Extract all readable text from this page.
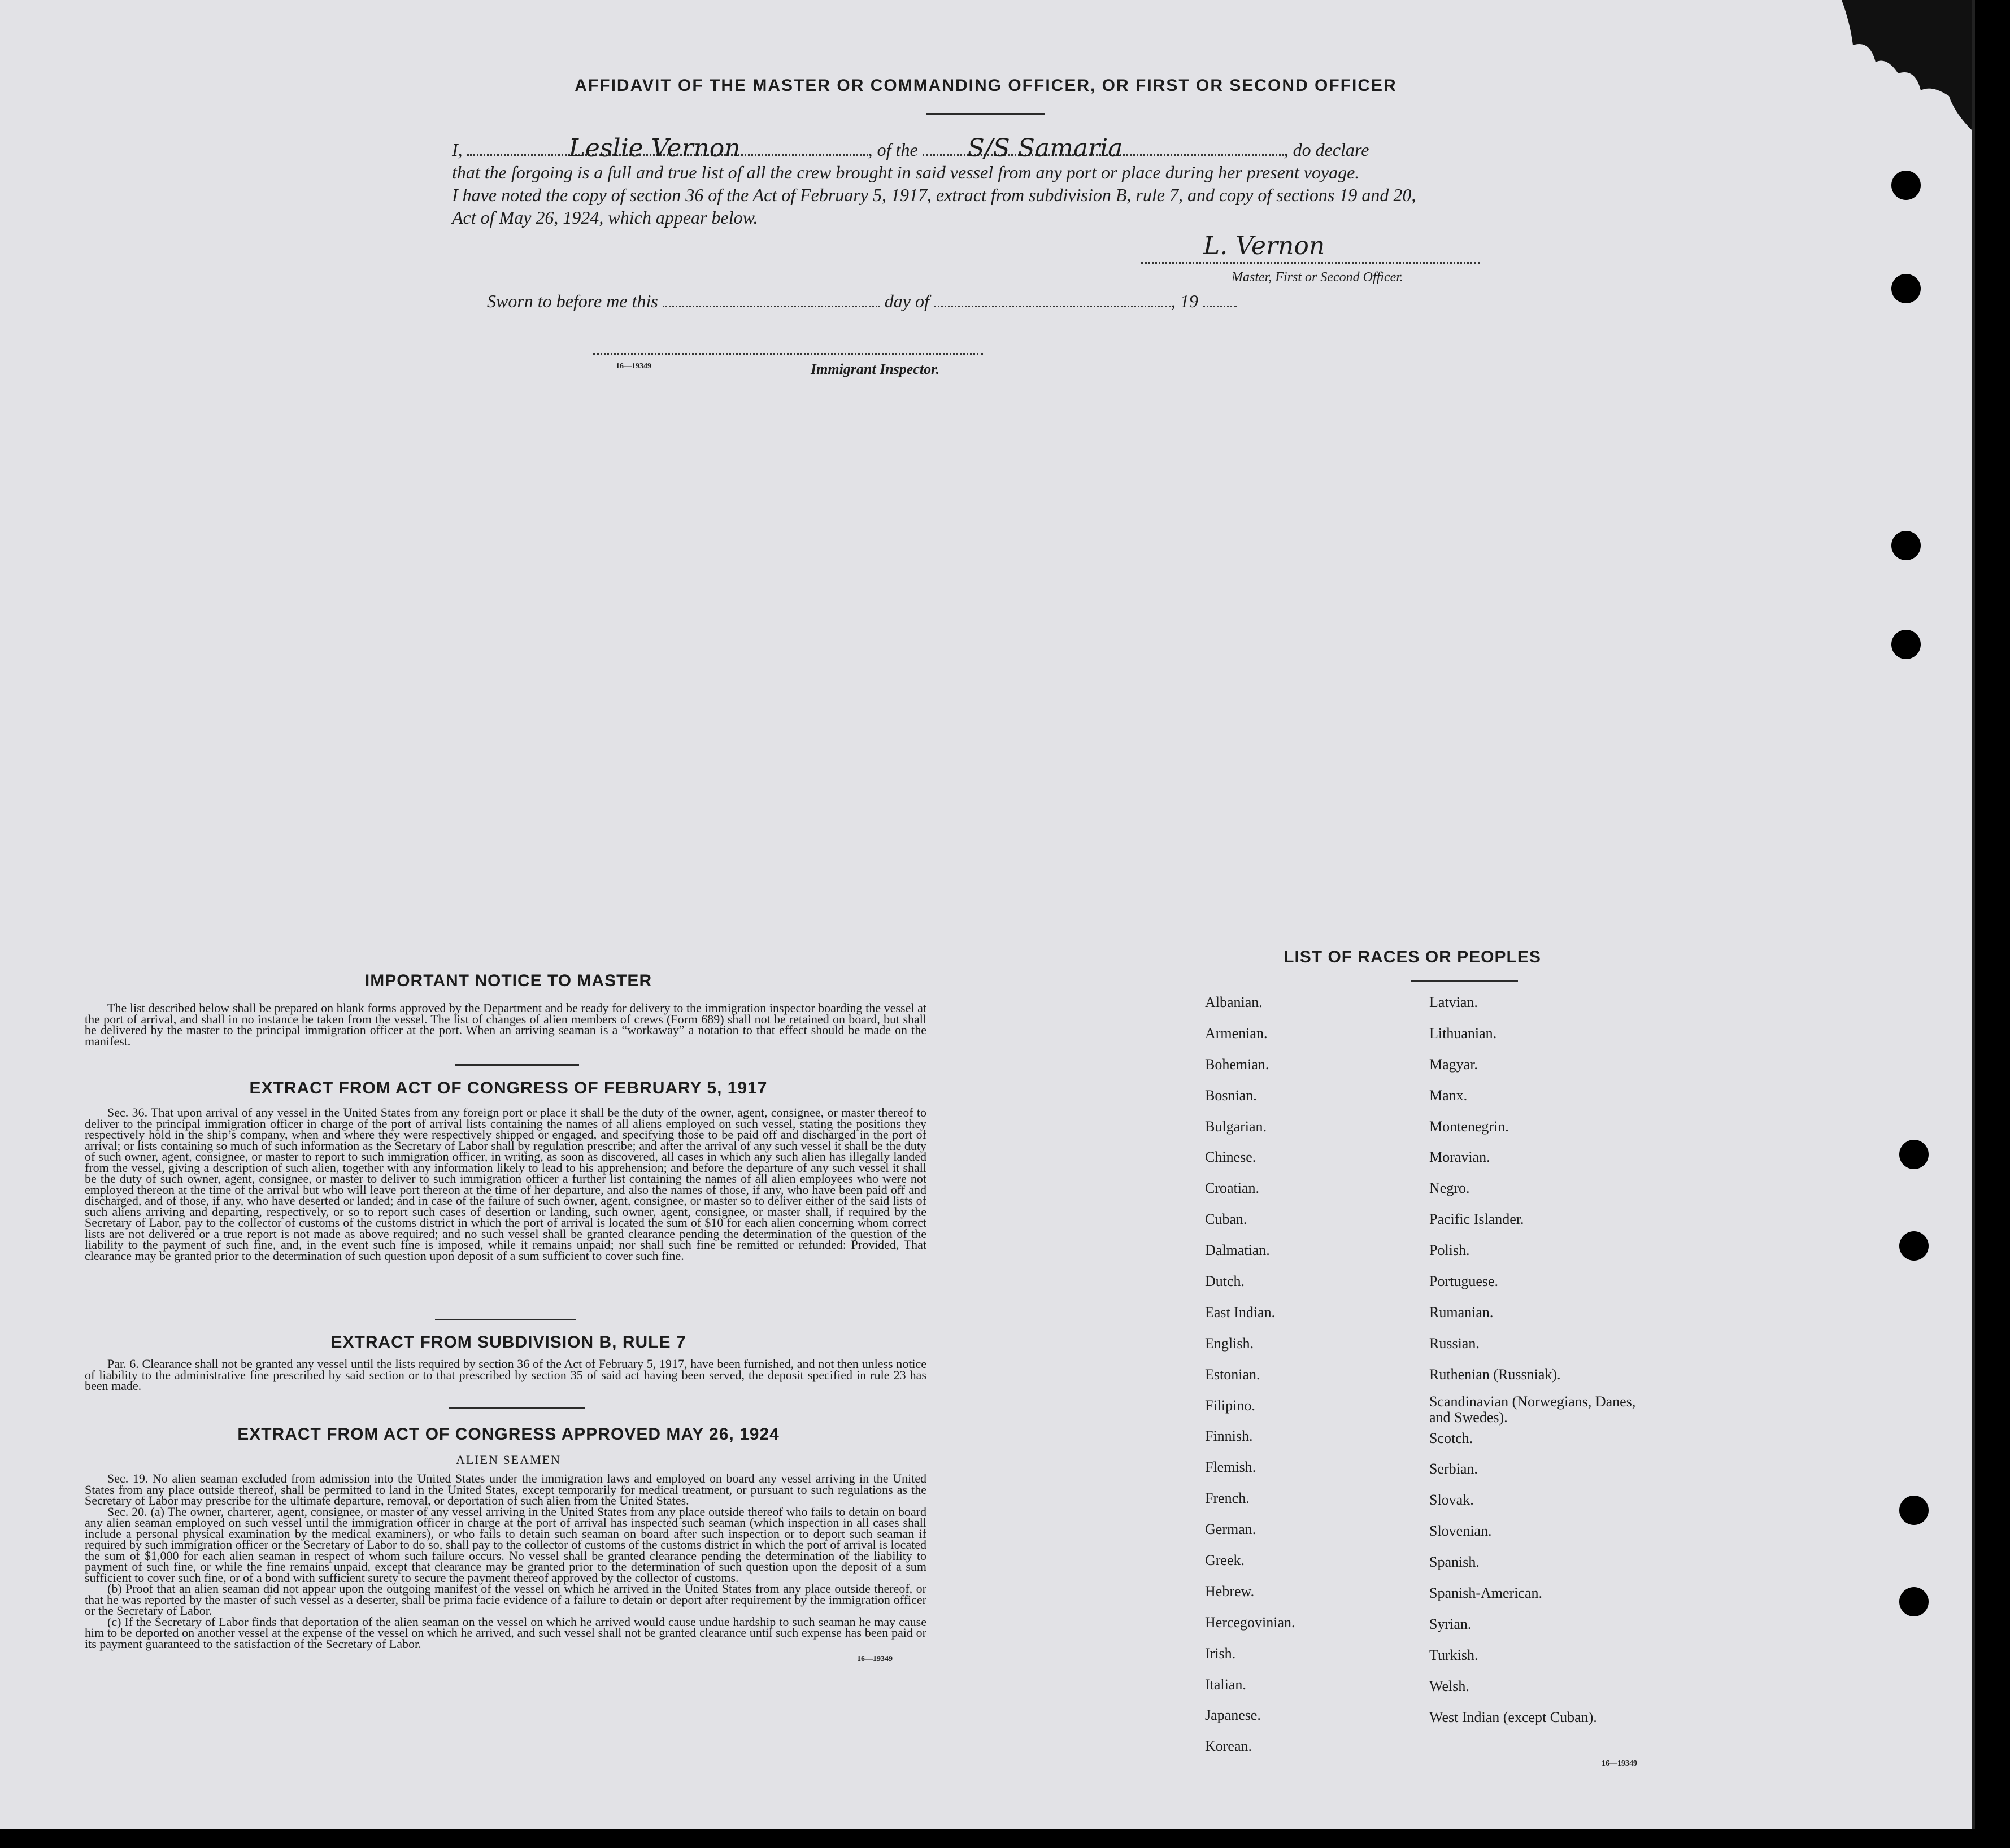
AFFIDAVIT OF THE MASTER OR COMMANDING OFFICER, OR FIRST OR SECOND OFFICER
I,	Leslie Vernon	, of the S/S Samaria	, do declare
that the forgoing is a full and true list of all the crew brought in said vessel from any port or place during her present voyage.
I have noted the copy of section 36 of the Act of February 5, 1917, extract from subdivision B, rule 7, and copy of sections 19 and 20,
Act of May 26, 1924, which appear below.
L. Vernon
Master, First or Second Officer.
Sworn to before me this	day of	, 19
16—19349	Immigrant Inspector.
IMPORTANT NOTICE TO MASTER

The list described below shall be prepared on blank forms approved by the Department and be ready for delivery to the immigration inspector boarding the vessel at the port of arrival, and shall in no instance be taken from the vessel. The list of changes of alien members of crews (Form 689) shall not be retained on board, but shall be delivered by the master to the principal immigration officer at the port. When an arriving seaman is a “workaway” a notation to that effect should be made on the manifest.

EXTRACT FROM ACT OF CONGRESS OF FEBRUARY 5, 1917

Sec. 36. That upon arrival of any vessel in the United States from any foreign port or place it shall be the duty of the owner, agent, consignee, or master thereof to deliver to the principal immigration officer in charge of the port of arrival lists containing the names of all aliens employed on such vessel, stating the positions they respectively hold in the ship’s company, when and where they were respectively shipped or engaged, and specifying those to be paid off and discharged in the port of arrival; or lists containing so much of such information as the Secretary of Labor shall by regulation prescribe; and after the arrival of any such vessel it shall be the duty of such owner, agent, consignee, or master to report to such immigration officer, in writing, as soon as discovered, all cases in which any such alien has illegally landed from the vessel, giving a description of such alien, together with any information likely to lead to his apprehension; and before the departure of any such vessel it shall be the duty of such owner, agent, consignee, or master to deliver to such immigration officer a further list containing the names of all alien employees who were not employed thereon at the time of the arrival but who will leave port thereon at the time of her departure, and also the names of those, if any, who have been paid off and discharged, and of those, if any, who have deserted or landed; and in case of the failure of such owner, agent, consignee, or master so to deliver either of the said lists of such aliens arriving and departing, respectively, or so to report such cases of desertion or landing, such owner, agent, consignee, or master shall, if required by the Secretary of Labor, pay to the collector of customs of the customs district in which the port of arrival is located the sum of $10 for each alien concerning whom correct lists are not delivered or a true report is not made as above required; and no such vessel shall be granted clearance pending the determination of the question of the liability to the payment of such fine, and, in the event such fine is imposed, while it remains unpaid; nor shall such fine be remitted or refunded: Provided, That clearance may be granted prior to the determination of such question upon deposit of a sum sufficient to cover such fine.

EXTRACT FROM SUBDIVISION B, RULE 7

Par. 6. Clearance shall not be granted any vessel until the lists required by section 36 of the Act of February 5, 1917, have been furnished, and not then unless notice of liability to the administrative fine prescribed by said section or to that prescribed by section 35 of said act having been served, the deposit specified in rule 23 has been made.

EXTRACT FROM ACT OF CONGRESS APPROVED MAY 26, 1924
ALIEN SEAMEN

Sec. 19. No alien seaman excluded from admission into the United States under the immigration laws and employed on board any vessel arriving in the United States from any place outside thereof, shall be permitted to land in the United States, except temporarily for medical treatment, or pursuant to such regulations as the Secretary of Labor may prescribe for the ultimate departure, removal, or deportation of such alien from the United States.

Sec. 20. (a) The owner, charterer, agent, consignee, or master of any vessel arriving in the United States from any place outside thereof who fails to detain on board any alien seaman employed on such vessel until the immigration officer in charge at the port of arrival has inspected such seaman (which inspection in all cases shall include a personal physical examination by the medical examiners), or who fails to detain such seaman on board after such inspection or to deport such seaman if required by such immigration officer or the Secretary of Labor to do so, shall pay to the collector of customs of the customs district in which the port of arrival is located the sum of $1,000 for each alien seaman in respect of whom such failure occurs. No vessel shall be granted clearance pending the determination of the liability to payment of such fine, or while the fine remains unpaid, except that clearance may be granted prior to the determination of such question upon the deposit of a sum sufficient to cover such fine, or of a bond with sufficient surety to secure the payment thereof approved by the collector of customs.

(b) Proof that an alien seaman did not appear upon the outgoing manifest of the vessel on which he arrived in the United States from any place outside thereof, or that he was reported by the master of such vessel as a deserter, shall be prima facie evidence of a failure to detain or deport after requirement by the immigration officer or the Secretary of Labor.

(c) If the Secretary of Labor finds that deportation of the alien seaman on the vessel on which he arrived would cause undue hardship to such seaman he may cause him to be deported on another vessel at the expense of the vessel on which he arrived, and such vessel shall not be granted clearance until such expense has been paid or its payment guaranteed to the satisfaction of the Secretary of Labor.

16—19349
LIST OF RACES OR PEOPLES
Albanian.
Armenian.
Bohemian.
Bosnian.
Bulgarian.
Chinese.
Croatian.
Cuban.
Dalmatian.
Dutch.
East Indian.
English.
Estonian.
Filipino.
Finnish.
Flemish.
French.
German.
Greek.
Hebrew.
Hercegovinian.
Irish.
Italian.
Japanese.
Korean.
Latvian.
Lithuanian.
Magyar.
Manx.
Montenegrin.
Moravian.
Negro.
Pacific Islander.
Polish.
Portuguese.
Rumanian.
Russian.
Ruthenian (Russniak).
Scandinavian (Norwegians, Danes, and Swedes).
Scotch.
Serbian.
Slovak.
Slovenian.
Spanish.
Spanish-American.
Syrian.
Turkish.
Welsh.
West Indian (except Cuban).
16—19349
